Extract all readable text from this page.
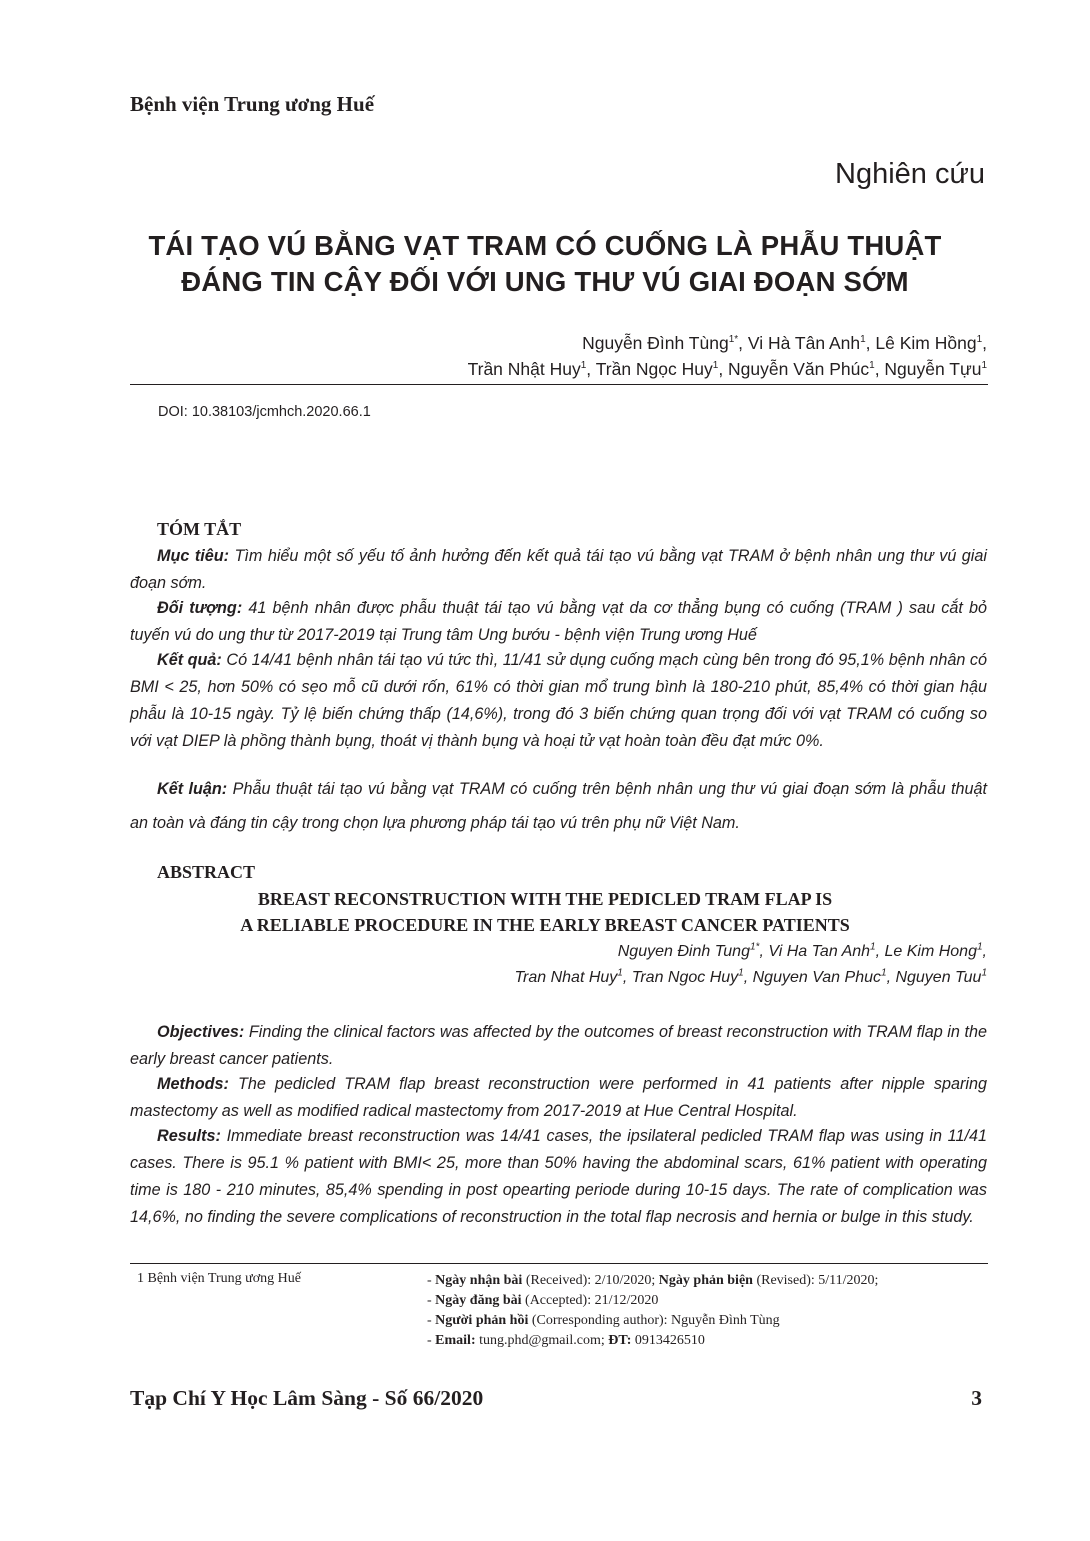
Bệnh viện Trung ương Huế
Nghiên cứu
TÁI TẠO VÚ BẰNG VẠT TRAM CÓ CUỐNG LÀ PHẪU THUẬT
ĐÁNG TIN CẬY ĐỐI VỚI UNG THƯ VÚ GIAI ĐOẠN SỚM
Nguyễn Đình Tùng$^{1*}$, Vi Hà Tân Anh$^1$, Lê Kim Hồng$^1$,
Trần Nhật Huy$^1$, Trần Ngọc Huy$^1$, Nguyễn Văn Phúc$^1$, Nguyễn Tựu$^1$
DOI: 10.38103/jcmhch.2020.66.1
TÓM TẮT
Mục tiêu: Tìm hiểu một số yếu tố ảnh hưởng đến kết quả tái tạo vú bằng vạt TRAM ở bệnh nhân ung thư vú giai đoạn sớm.
Đối tượng: 41 bệnh nhân được phẫu thuật tái tạo vú bằng vạt da cơ thẳng bụng có cuống (TRAM ) sau cắt bỏ tuyến vú do ung thư từ 2017-2019 tại Trung tâm Ung bướu - bệnh viện Trung ương Huế
Kết quả: Có 14/41 bệnh nhân tái tạo vú tức thì, 11/41 sử dụng cuống mạch cùng bên trong đó 95,1% bệnh nhân có BMI < 25, hơn 50% có sẹo mỗ cũ dưới rốn, 61% có thời gian mổ trung bình là 180-210 phút, 85,4% có thời gian hậu phẫu là 10-15 ngày. Tỷ lệ biến chứng thấp (14,6%), trong đó 3 biến chứng quan trọng đối với vạt TRAM có cuống so với vạt DIEP là phồng thành bụng, thoát vị thành bụng và hoại tử vạt hoàn toàn đều đạt mức 0%.
Kết luận: Phẫu thuật tái tạo vú bằng vạt TRAM có cuống trên bệnh nhân ung thư vú giai đoạn sớm là phẫu thuật an toàn và đáng tin cậy trong chọn lựa phương pháp tái tạo vú trên phụ nữ Việt Nam.
ABSTRACT
BREAST RECONSTRUCTION WITH THE PEDICLED TRAM FLAP IS
A RELIABLE PROCEDURE IN THE EARLY BREAST CANCER PATIENTS
Nguyen Đinh Tung$^{1*}$, Vi Ha Tan Anh$^1$, Le Kim Hong$^1$,
Tran Nhat Huy$^1$, Tran Ngoc Huy$^1$, Nguyen Van Phuc$^1$, Nguyen Tuu$^1$
Objectives: Finding the clinical factors was affected by the outcomes of breast reconstruction with TRAM flap in the early breast cancer patients.
Methods: The pedicled TRAM flap breast reconstruction were performed in 41 patients after nipple sparing mastectomy as well as modified radical mastectomy from 2017-2019 at Hue Central Hospital.
Results: Immediate breast reconstruction was 14/41 cases, the ipsilateral pedicled TRAM flap was using in 11/41 cases. There is 95.1 % patient with BMI< 25, more than 50% having the abdominal scars, 61% patient with operating time is 180 - 210 minutes, 85,4% spending in post opearting periode during 10-15 days. The rate of complication was 14,6%, no finding the severe complications of reconstruction in the total flap necrosis and hernia or bulge in this study.
1 Bệnh viện Trung ương Huế	- Ngày nhận bài (Received): 2/10/2020; Ngày phản biện (Revised): 5/11/2020;
- Ngày đăng bài (Accepted): 21/12/2020
- Người phản hồi (Corresponding author): Nguyễn Đình Tùng
- Email: tung.phd@gmail.com; ĐT: 0913426510
Tạp Chí Y Học Lâm Sàng - Số 66/2020	3
